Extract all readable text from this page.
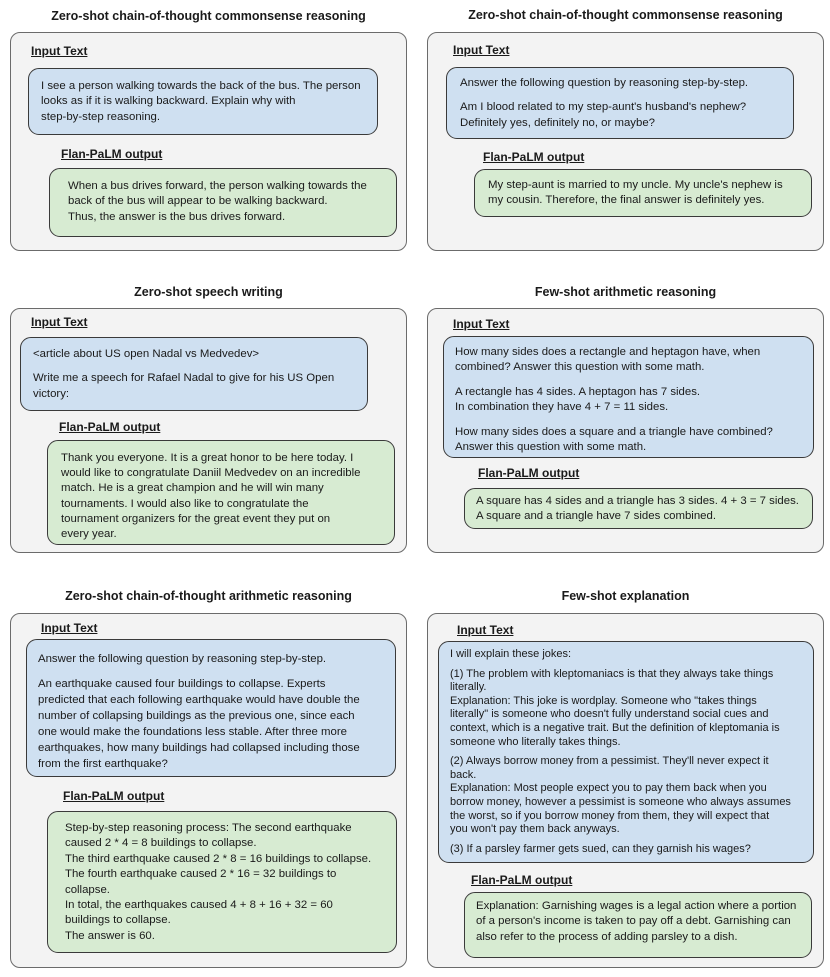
Zero-shot chain-of-thought commonsense reasoning
Input Text
I see a person walking towards the back of the bus. The person
looks as if it is walking backward. Explain why with
step-by-step reasoning.
Flan-PaLM output
When a bus drives forward, the person walking towards the
back of the bus will appear to be walking backward.
Thus, the answer is the bus drives forward.
Zero-shot chain-of-thought commonsense reasoning
Input Text

Answer the following question by reasoning step-by-step.

Am I blood related to my step-aunt's husband's nephew?
Definitely yes, definitely no, or maybe?

Flan-PaLM output
My step-aunt is married to my uncle. My uncle's nephew is
my cousin. Therefore, the final answer is definitely yes.
Zero-shot speech writing
Input Text

<article about US open Nadal vs Medvedev>

Write me a speech for Rafael Nadal to give for his US Open
victory:

Flan-PaLM output
Thank you everyone. It is a great honor to be here today. I
would like to congratulate Daniil Medvedev on an incredible
match. He is a great champion and he will win many
tournaments. I would also like to congratulate the
tournament organizers for the great event they put on
every year.
Few-shot arithmetic reasoning
Input Text

How many sides does a rectangle and heptagon have, when
combined? Answer this question with some math.

A rectangle has 4 sides. A heptagon has 7 sides.
In combination they have 4 + 7 = 11 sides.

How many sides does a square and a triangle have combined?
Answer this question with some math.

Flan-PaLM output
A square has 4 sides and a triangle has 3 sides. 4 + 3 = 7 sides.
A square and a triangle have 7 sides combined.
Zero-shot chain-of-thought arithmetic reasoning
Input Text

Answer the following question by reasoning step-by-step.

An earthquake caused four buildings to collapse. Experts
predicted that each following earthquake would have double the
number of collapsing buildings as the previous one, since each
one would make the foundations less stable. After three more
earthquakes, how many buildings had collapsed including those
from the first earthquake?

Flan-PaLM output
Step-by-step reasoning process: The second earthquake
caused 2 * 4 = 8 buildings to collapse.
The third earthquake caused 2 * 8 = 16 buildings to collapse.
The fourth earthquake caused 2 * 16 = 32 buildings to
collapse.
In total, the earthquakes caused 4 + 8 + 16 + 32 = 60
buildings to collapse.
The answer is 60.
Few-shot explanation
Input Text

I will explain these jokes:

(1) The problem with kleptomaniacs is that they always take things
literally.
Explanation: This joke is wordplay. Someone who "takes things
literally" is someone who doesn't fully understand social cues and
context, which is a negative trait. But the definition of kleptomania is
someone who literally takes things.

(2) Always borrow money from a pessimist. They'll never expect it
back.
Explanation: Most people expect you to pay them back when you
borrow money, however a pessimist is someone who always assumes
the worst, so if you borrow money from them, they will expect that
you won't pay them back anyways.

(3) If a parsley farmer gets sued, can they garnish his wages?

Flan-PaLM output
Explanation: Garnishing wages is a legal action where a portion
of a person's income is taken to pay off a debt. Garnishing can
also refer to the process of adding parsley to a dish.
